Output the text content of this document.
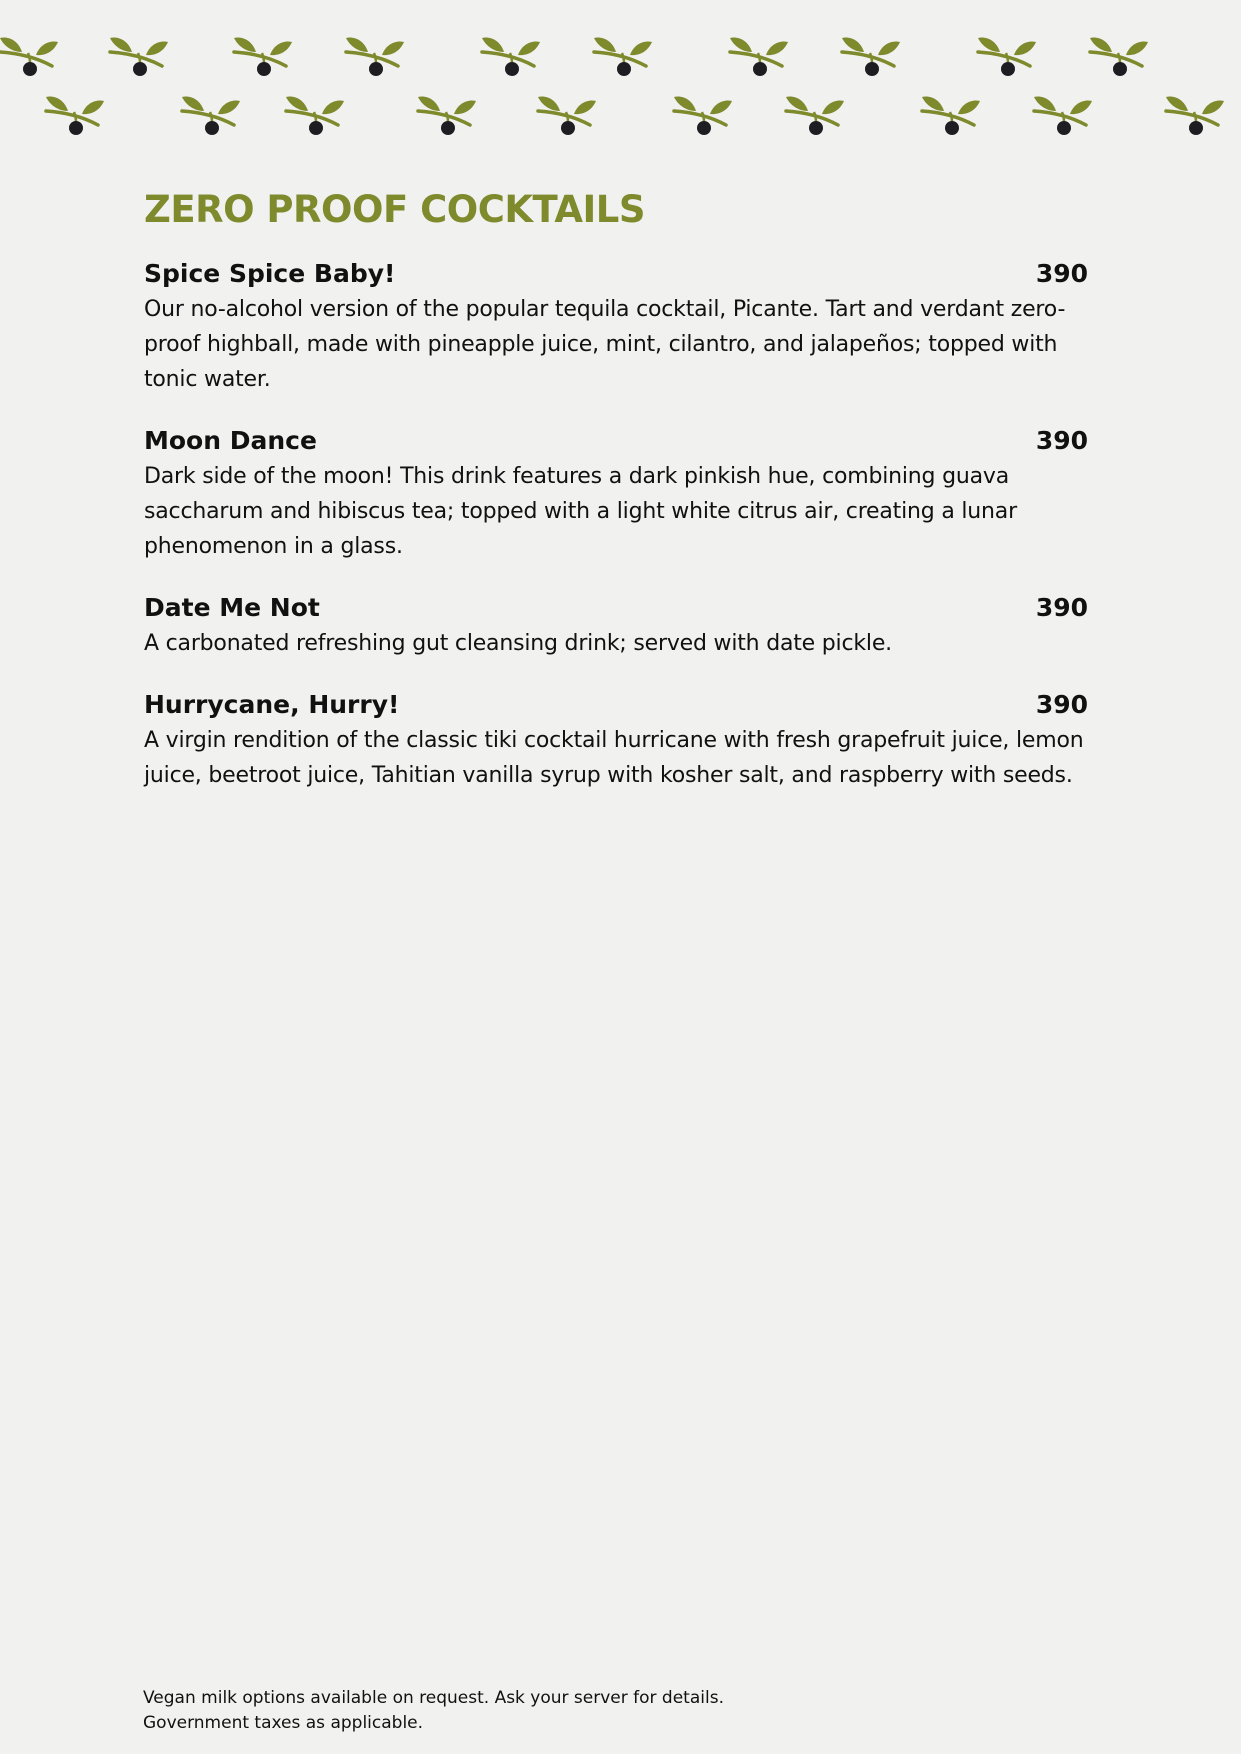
ZERO PROOF COCKTAILS
Spice Spice Baby!	390
Our no-alcohol version of the popular tequila cocktail, Picante. Tart and verdant zero-proof highball, made with pineapple juice, mint, cilantro, and jalapeños; topped with tonic water.
Moon Dance	390
Dark side of the moon! This drink features a dark pinkish hue, combining guava saccharum and hibiscus tea; topped with a light white citrus air, creating a lunar phenomenon in a glass.
Date Me Not	390
A carbonated refreshing gut cleansing drink; served with date pickle.
Hurrycane, Hurry!	390
A virgin rendition of the classic tiki cocktail hurricane with fresh grapefruit juice, lemon juice, beetroot juice, Tahitian vanilla syrup with kosher salt, and raspberry with seeds.
Vegan milk options available on request. Ask your server for details.
Government taxes as applicable.
